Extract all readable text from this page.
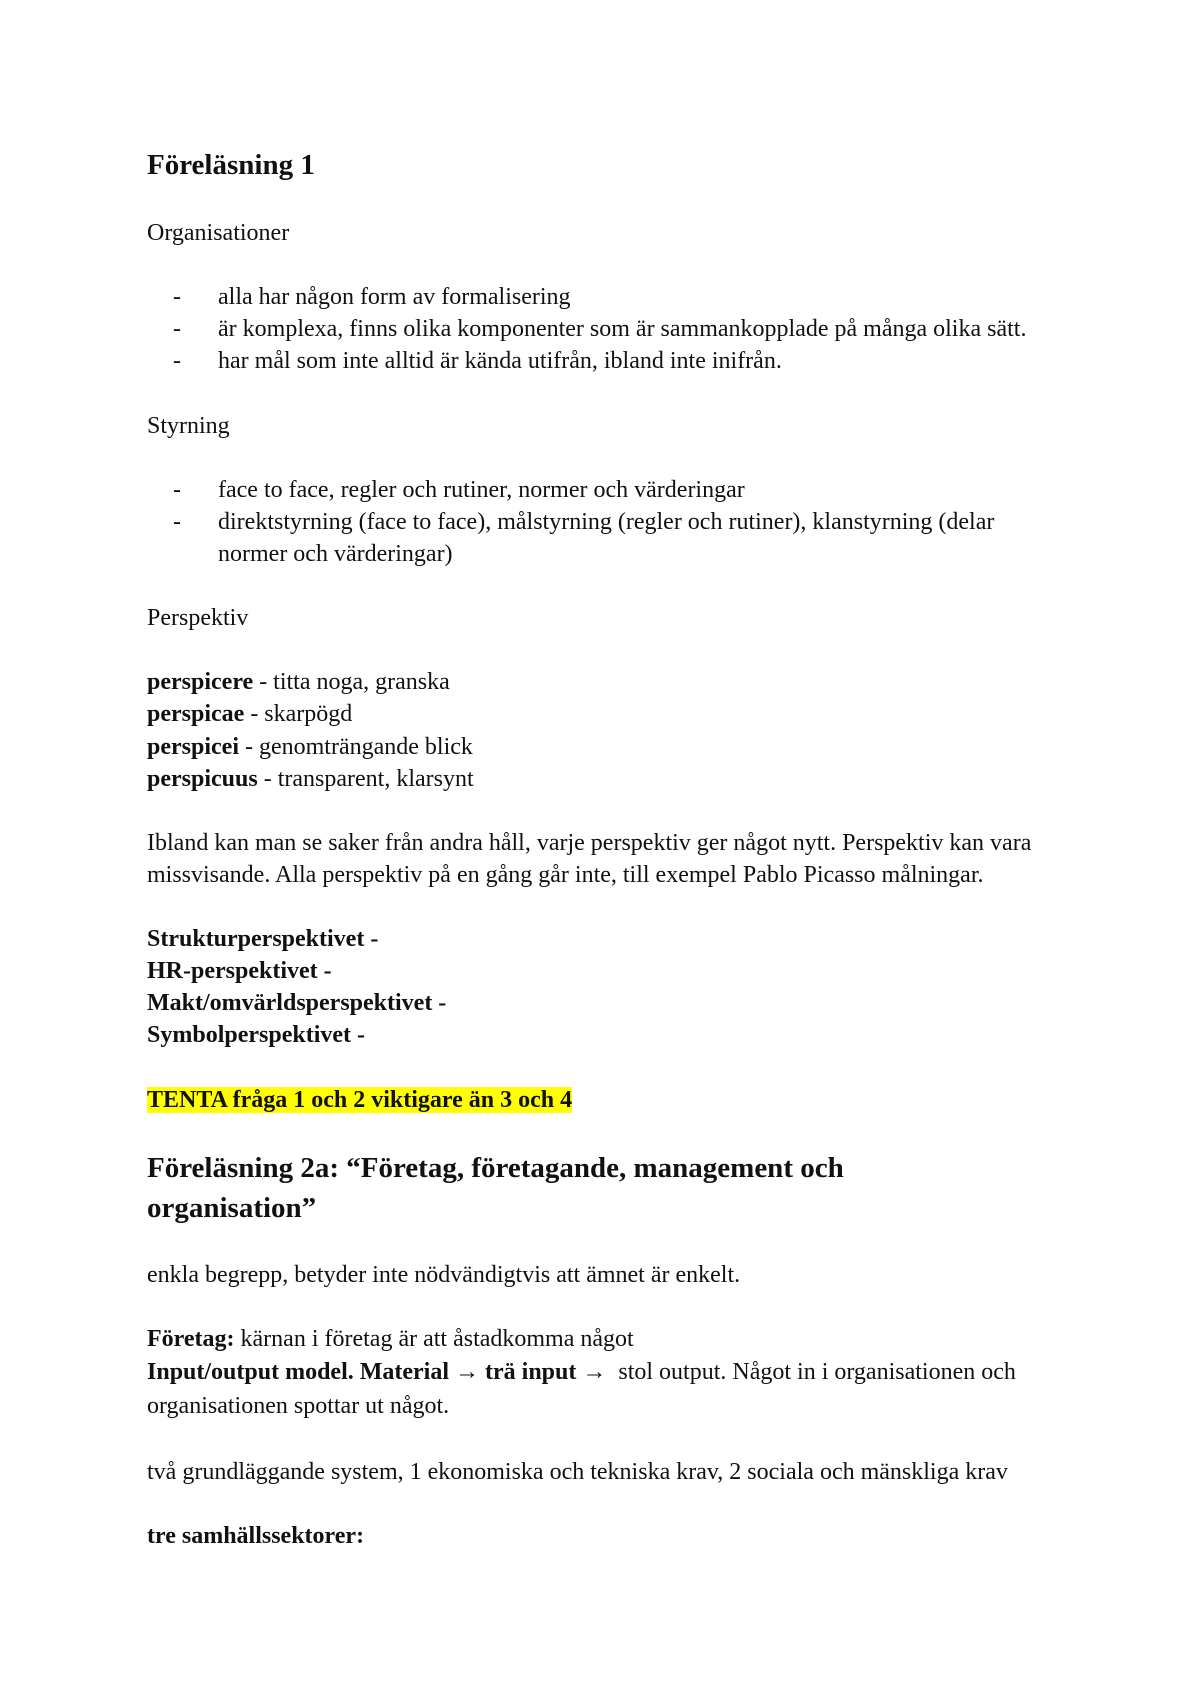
Föreläsning 1
Organisationer
- alla har någon form av formalisering
- är komplexa, finns olika komponenter som är sammankopplade på många olika sätt.
- har mål som inte alltid är kända utifrån, ibland inte inifrån.
Styrning
- face to face, regler och rutiner, normer och värderingar
- direktstyrning (face to face), målstyrning (regler och rutiner), klanstyrning (delar
normer och värderingar)
Perspektiv
perspicere - titta noga, granska
perspicae - skarpögd
perspicei - genomträngande blick
perspicuus - transparent, klarsynt
Ibland kan man se saker från andra håll, varje perspektiv ger något nytt. Perspektiv kan vara
missvisande. Alla perspektiv på en gång går inte, till exempel Pablo Picasso målningar.
Strukturperspektivet -
HR-perspektivet -
Makt/omvärldsperspektivet -
Symbolperspektivet -
TENTA fråga 1 och 2 viktigare än 3 och 4
Föreläsning 2a: “Företag, företagande, management och
organisation”
enkla begrepp, betyder inte nödvändigtvis att ämnet är enkelt.
Företag: kärnan i företag är att åstadkomma något
Input/output model. Material → trä input → stol output. Något in i organisationen och
organisationen spottar ut något.
två grundläggande system, 1 ekonomiska och tekniska krav, 2 sociala och mänskliga krav
tre samhällssektorer:
